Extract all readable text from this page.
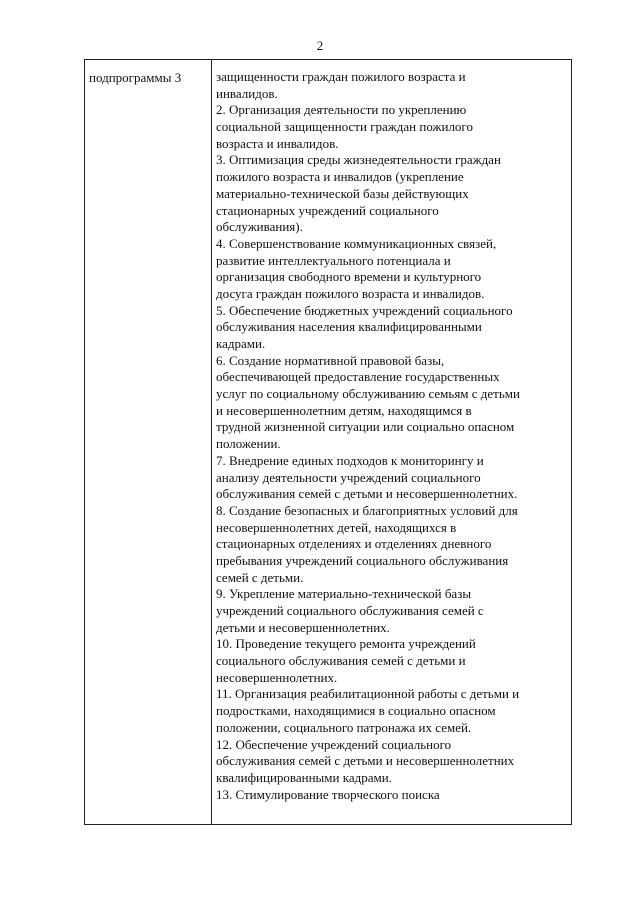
2
подпрограммы 3	защищенности граждан пожилого возраста и
инвалидов.
2. Организация деятельности по укреплению
социальной защищенности граждан пожилого
возраста и инвалидов.
3. Оптимизация среды жизнедеятельности граждан
пожилого возраста и инвалидов (укрепление
материально-технической базы действующих
стационарных учреждений социального
обслуживания).
4. Совершенствование коммуникационных связей,
развитие интеллектуального потенциала и
организация свободного времени и культурного
досуга граждан пожилого возраста и инвалидов.
5. Обеспечение бюджетных учреждений социального
обслуживания населения квалифицированными
кадрами.
6. Создание нормативной правовой базы,
обеспечивающей предоставление государственных
услуг по социальному обслуживанию семьям с детьми
и несовершеннолетним детям, находящимся в
трудной жизненной ситуации или социально опасном
положении.
7. Внедрение единых подходов к мониторингу и
анализу деятельности учреждений социального
обслуживания семей с детьми и несовершеннолетних.
8. Создание безопасных и благоприятных условий для
несовершеннолетних детей, находящихся в
стационарных отделениях и отделениях дневного
пребывания учреждений социального обслуживания
семей с детьми.
9. Укрепление материально-технической базы
учреждений социального обслуживания семей с
детьми и несовершеннолетних.
10. Проведение текущего ремонта учреждений
социального обслуживания семей с детьми и
несовершеннолетних.
11. Организация реабилитационной работы с детьми и
подростками, находящимися в социально опасном
положении, социального патронажа их семей.
12. Обеспечение учреждений социального
обслуживания семей с детьми и несовершеннолетних
квалифицированными кадрами.
13. Стимулирование творческого поиска
